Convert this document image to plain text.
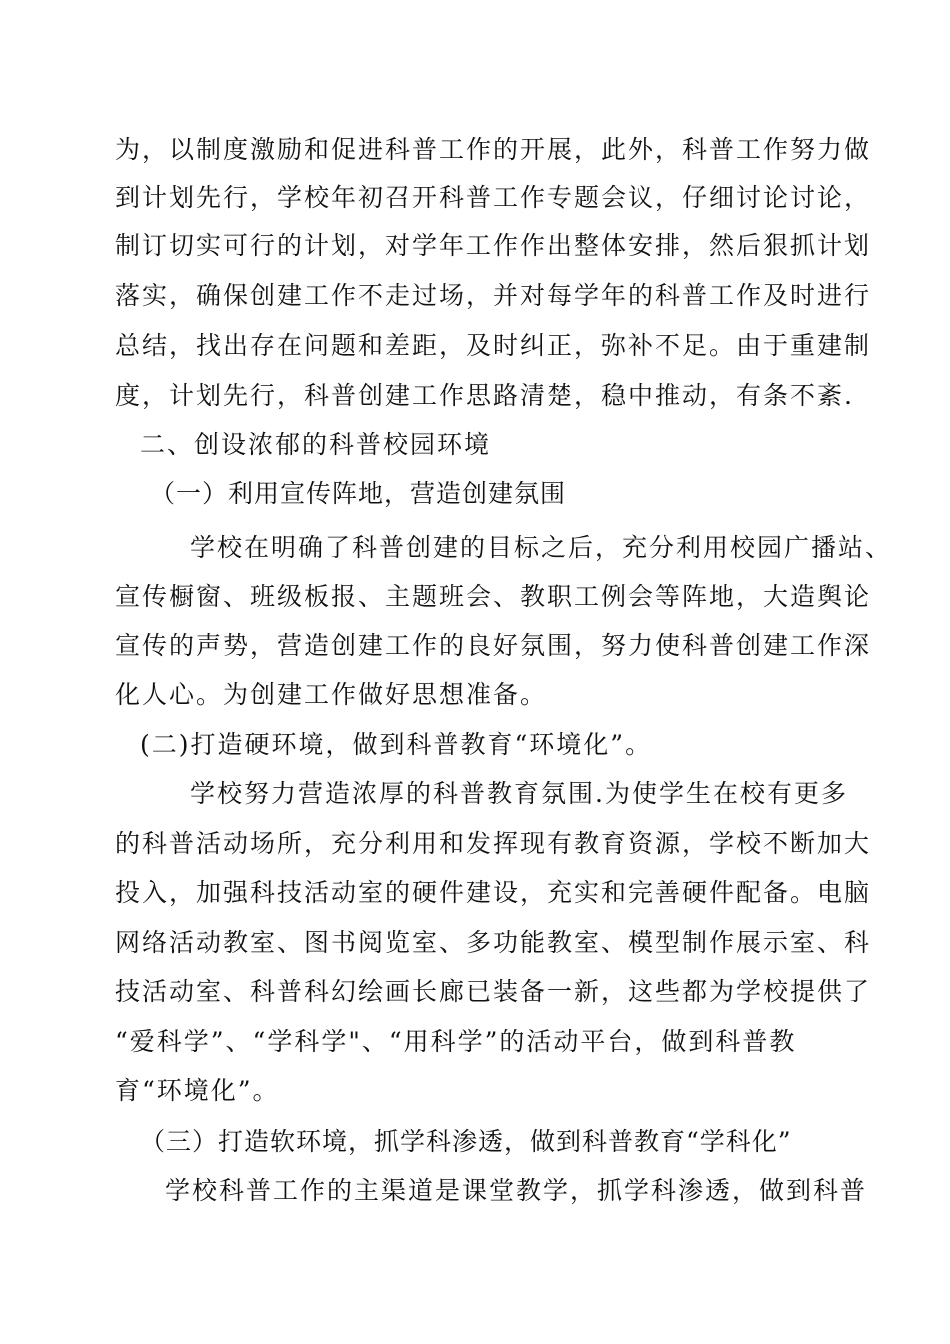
为，以制度激励和促进科普工作的开展，此外，科普工作努力做
到计划先行，学校年初召开科普工作专题会议，仔细讨论讨论，
制订切实可行的计划，对学年工作作出整体安排，然后狠抓计划
落实，确保创建工作不走过场，并对每学年的科普工作及时进行
总结，找出存在问题和差距，及时纠正，弥补不足。由于重建制
度，计划先行，科普创建工作思路清楚，稳中推动，有条不紊.
二、创设浓郁的科普校园环境
（一）利用宣传阵地，营造创建氛围
学校在明确了科普创建的目标之后，充分利用校园广播站、
宣传橱窗、班级板报、主题班会、教职工例会等阵地，大造舆论
宣传的声势，营造创建工作的良好氛围，努力使科普创建工作深
化人心。为创建工作做好思想准备。
(二)打造硬环境，做到科普教育“环境化”。
学校努力营造浓厚的科普教育氛围.为使学生在校有更多
的科普活动场所，充分利用和发挥现有教育资源，学校不断加大
投入，加强科技活动室的硬件建设，充实和完善硬件配备。电脑
网络活动教室、图书阅览室、多功能教室、模型制作展示室、科
技活动室、科普科幻绘画长廊已装备一新，这些都为学校提供了
“爱科学”、“学科学"、“用科学”的活动平台，做到科普教
育“环境化”。
（三）打造软环境，抓学科渗透，做到科普教育“学科化”
学校科普工作的主渠道是课堂教学，抓学科渗透，做到科普
